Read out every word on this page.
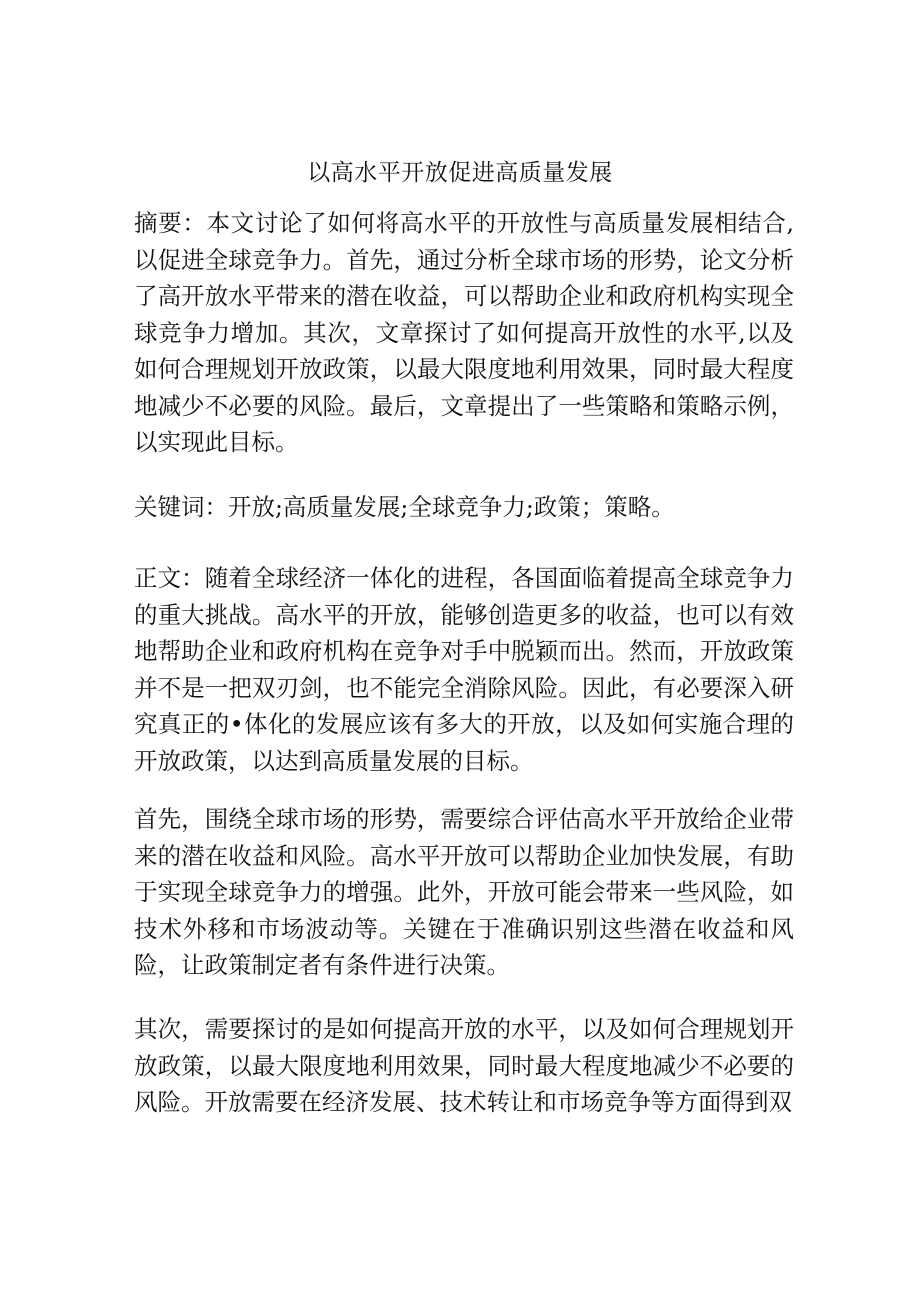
以高水平开放促进高质量发展

摘要：本文讨论了如何将高水平的开放性与高质量发展相结合,以促进全球竞争力。首先，通过分析全球市场的形势，论文分析了高开放水平带来的潜在收益，可以帮助企业和政府机构实现全球竞争力增加。其次，文章探讨了如何提高开放性的水平,以及如何合理规划开放政策，以最大限度地利用效果，同时最大程度地减少不必要的风险。最后，文章提出了一些策略和策略示例，以实现此目标。

关键词：开放;高质量发展;全球竞争力;政策；策略。

正文：随着全球经济一体化的进程，各国面临着提高全球竞争力的重大挑战。高水平的开放，能够创造更多的收益，也可以有效地帮助企业和政府机构在竞争对手中脱颖而出。然而，开放政策并不是一把双刃剑，也不能完全消除风险。因此，有必要深入研究真正的•体化的发展应该有多大的开放，以及如何实施合理的开放政策，以达到高质量发展的目标。

首先，围绕全球市场的形势，需要综合评估高水平开放给企业带来的潜在收益和风险。高水平开放可以帮助企业加快发展，有助于实现全球竞争力的增强。此外，开放可能会带来一些风险，如技术外移和市场波动等。关键在于准确识别这些潜在收益和风险，让政策制定者有条件进行决策。

其次，需要探讨的是如何提高开放的水平，以及如何合理规划开放政策，以最大限度地利用效果，同时最大程度地减少不必要的风险。开放需要在经济发展、技术转让和市场竞争等方面得到双
